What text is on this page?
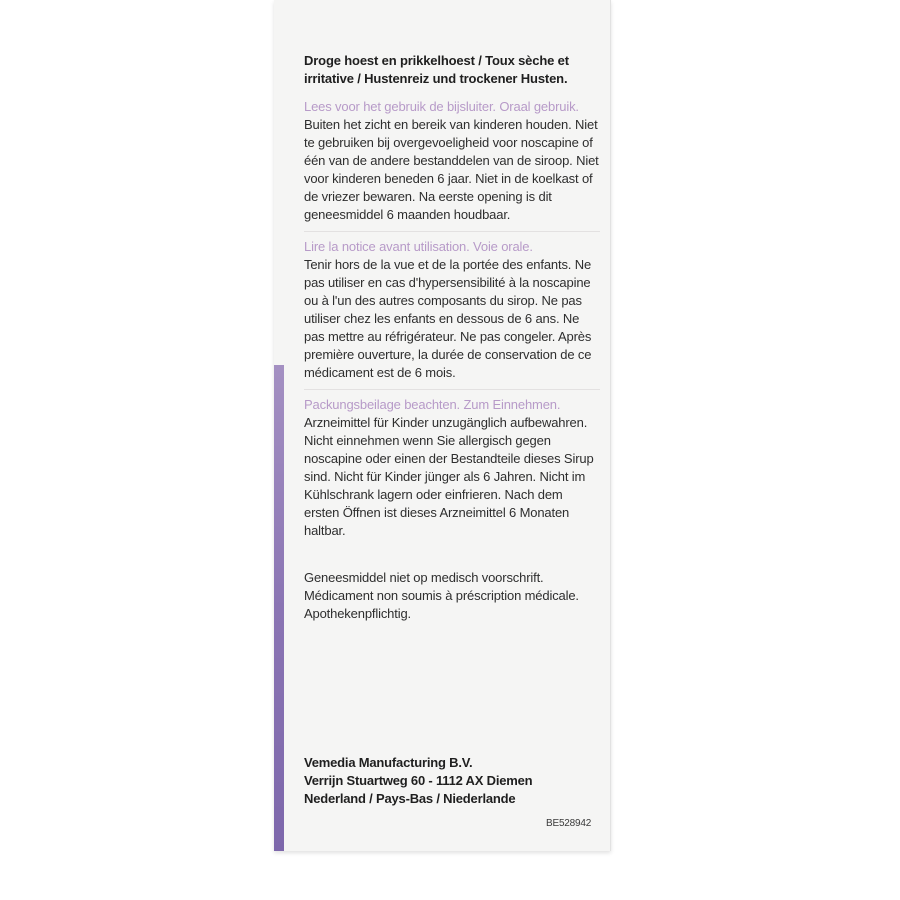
Droge hoest en prikkelhoest / Toux sèche et irritative / Hustenreiz und trockener Husten.

Lees voor het gebruik de bijsluiter. Oraal gebruik.

Buiten het zicht en bereik van kinderen houden. Niet te gebruiken bij overgevoeligheid voor noscapine of één van de andere bestanddelen van de siroop. Niet voor kinderen beneden 6 jaar. Niet in de koelkast of de vriezer bewaren. Na eerste opening is dit geneesmiddel 6 maanden houdbaar.

Lire la notice avant utilisation. Voie orale.

Tenir hors de la vue et de la portée des enfants. Ne pas utiliser en cas d'hypersensibilité à la noscapine ou à l'un des autres composants du sirop. Ne pas utiliser chez les enfants en dessous de 6 ans. Ne pas mettre au réfrigérateur. Ne pas congeler. Après première ouverture, la durée de conservation de ce médicament est de 6 mois.

Packungsbeilage beachten. Zum Einnehmen.

Arzneimittel für Kinder unzugänglich aufbewahren. Nicht einnehmen wenn Sie allergisch gegen noscapine oder einen der Bestandteile dieses Sirup sind. Nicht für Kinder jünger als 6 Jahren. Nicht im Kühlschrank lagern oder einfrieren. Nach dem ersten Öffnen ist dieses Arzneimittel 6 Monaten haltbar.

Geneesmiddel niet op medisch voorschrift.

Médicament non soumis à préscription médicale.

Apothekenpflichtig.

Vemedia Manufacturing B.V.

Verrijn Stuartweg 60 - 1112 AX Diemen

Nederland / Pays-Bas / Niederlande

BE528942
